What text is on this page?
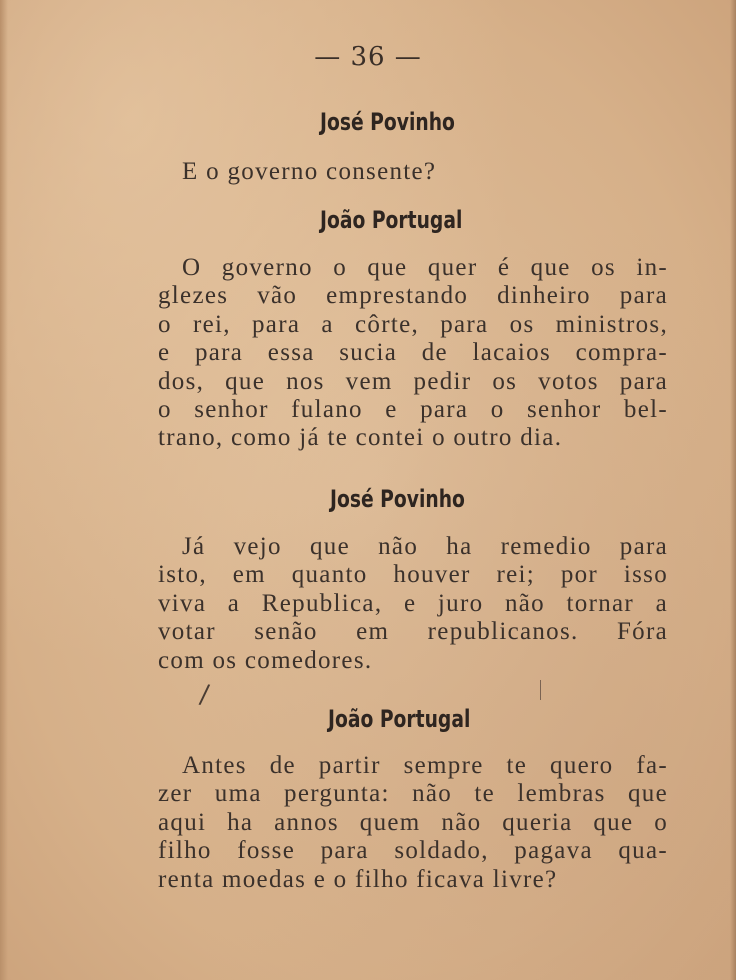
— 36 —
José Povinho
E o governo consente?
João Portugal
O governo o que quer é que os in-
glezes vão emprestando dinheiro para
o rei, para a côrte, para os ministros,
e para essa sucia de lacaios compra-
dos, que nos vem pedir os votos para
o senhor fulano e para o senhor bel-
trano, como já te contei o outro dia.
José Povinho
Já vejo que não ha remedio para
isto, em quanto houver rei; por isso
viva a Republica, e juro não tornar a
votar senão em republicanos. Fóra
com os comedores.
/
João Portugal
Antes de partir sempre te quero fa-
zer uma pergunta: não te lembras que
aqui ha annos quem não queria que o
filho fosse para soldado, pagava qua-
renta moedas e o filho ficava livre?
